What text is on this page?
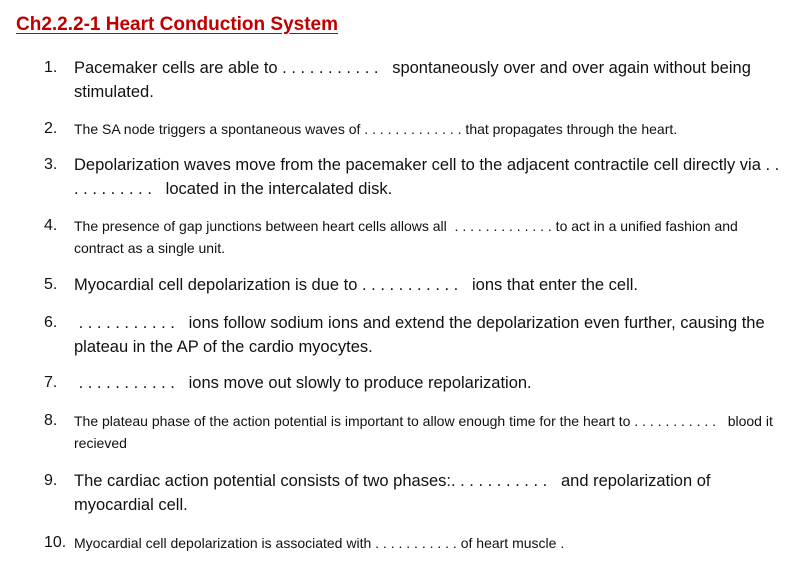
Ch2.2.2-1 Heart Conduction System
1.	Pacemaker cells are able to . . . . . . . . . . .   spontaneously over and over again without being stimulated.
2.	The SA node triggers a spontaneous waves of . . . . . . . . . . . . . that propagates through the heart.
3.	Depolarization waves move from the pacemaker cell to the adjacent contractile cell directly via . . . . . . . . . . .   located in the intercalated disk.
4.	The presence of gap junctions between heart cells allows all  . . . . . . . . . . . . . to act in a unified fashion and contract as a single unit.
5.	Myocardial cell depolarization is due to . . . . . . . . . . .   ions that enter the cell.
6.	. . . . . . . . . . .   ions follow sodium ions and extend the depolarization even further, causing the plateau in the AP of the cardio myocytes.
7.	. . . . . . . . . . .   ions move out slowly to produce repolarization.
8.	The plateau phase of the action potential is important to allow enough time for the heart to . . . . . . . . . . .   blood it recieved
9.	The cardiac action potential consists of two phases:. . . . . . . . . . .   and repolarization of myocardial cell.
10. Myocardial cell depolarization is associated with . . . . . . . . . . . of heart muscle .
